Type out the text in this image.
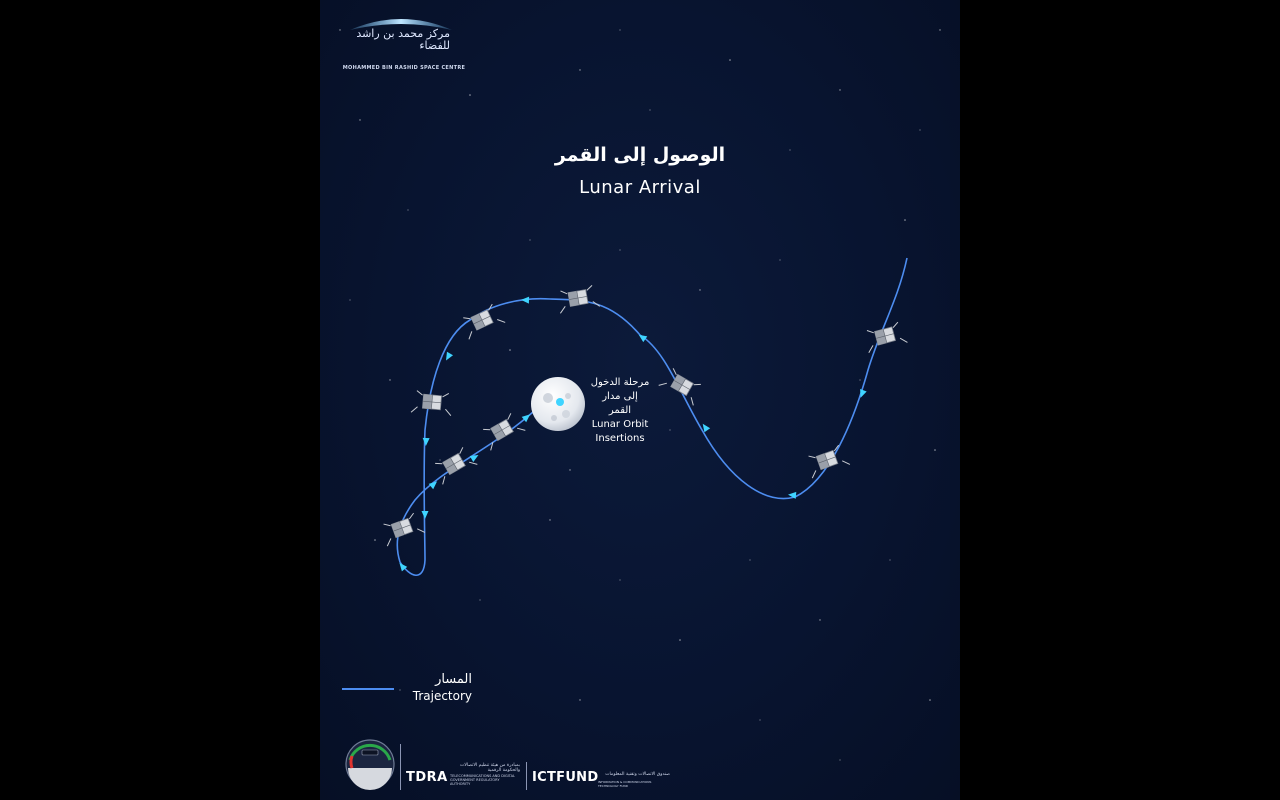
مركز محمد بن راشد للفضاء
MOHAMMED BIN RASHID SPACE CENTRE
الوصول إلى القمر
Lunar Arrival
مرحلة الدخول
إلى مدار القمر
Lunar Orbit
Insertions
المسار
Trajectory
TDRA
بمبادرة من هيئة تنظيم الاتصالات والحكومة الرقمية
TELECOMMUNICATIONS AND DIGITAL GOVERNMENT REGULATORY AUTHORITY	ICTFUND	صندوق الاتصالات وتقنية المعلومات
INFORMATION & COMMUNICATIONS TECHNOLOGY FUND
